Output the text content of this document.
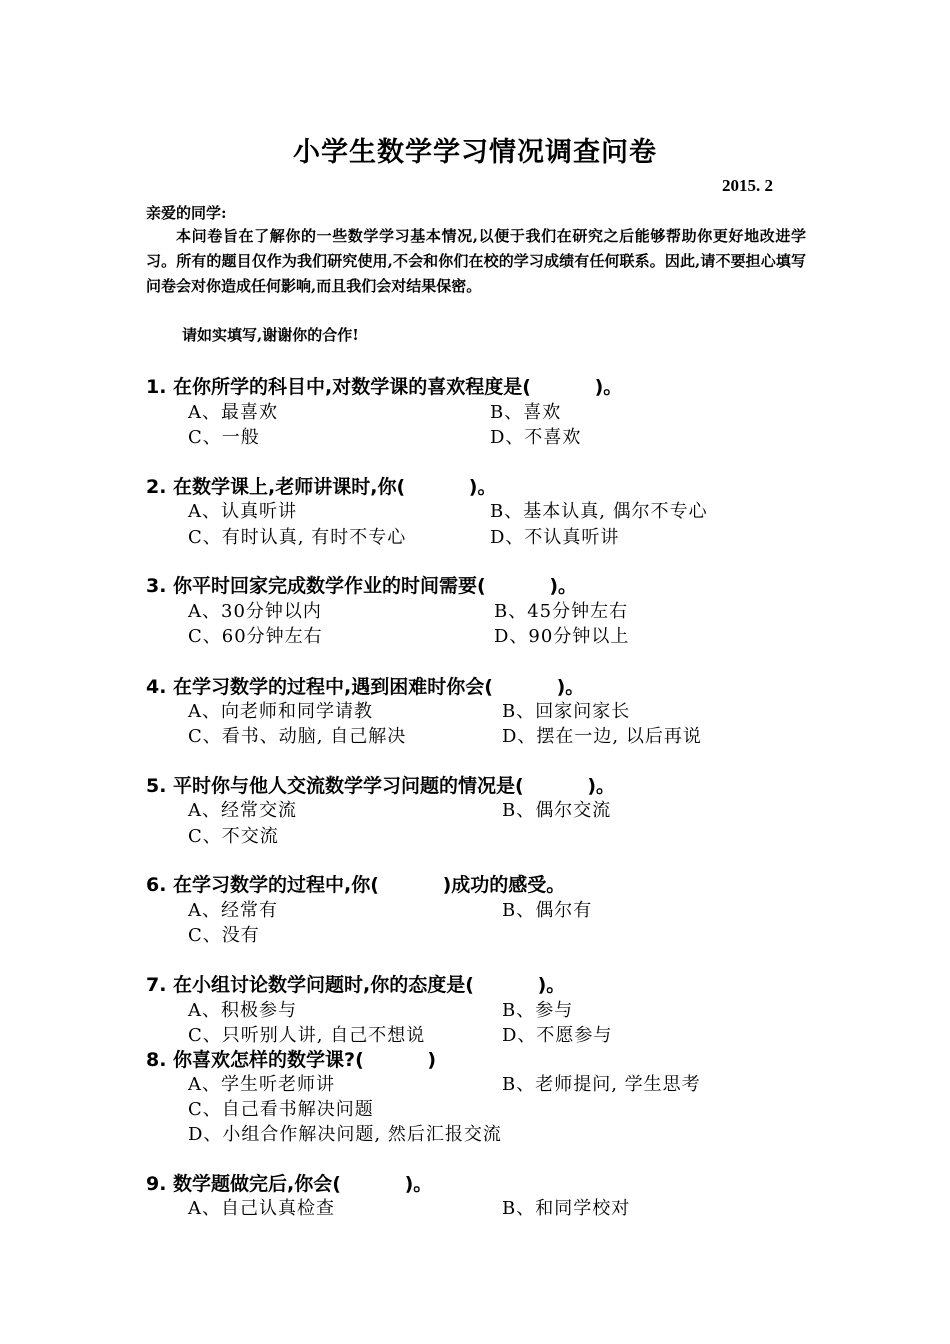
小学生数学学习情况调查问卷
2015. 2
亲爱的同学:

本问卷旨在了解你的一些数学学习基本情况,以便于我们在研究之后能够帮助你更好地改进学习。所有的题目仅作为我们研究使用,不会和你们在校的学习成绩有任何联系。因此,请不要担心填写问卷会对你造成任何影响,而且我们会对结果保密。

请如实填写,谢谢你的合作!
1. 在你所学的科目中,对数学课的喜欢程度是(　　　 )。
A、最喜欢	B、喜欢
C、一般	D、不喜欢
2. 在数学课上,老师讲课时,你(　　　 )。
A、认真听讲	B、基本认真, 偶尔不专心
C、有时认真, 有时不专心	D、不认真听讲
3. 你平时回家完成数学作业的时间需要(　　　 )。
A、30分钟以内	B、45分钟左右
C、60分钟左右	D、90分钟以上
4. 在学习数学的过程中,遇到困难时你会(　　　 )。
A、向老师和同学请教	B、回家问家长
C、看书、动脑, 自己解决	D、摆在一边, 以后再说
5. 平时你与他人交流数学学习问题的情况是(　　　 )。
A、经常交流	B、偶尔交流
C、不交流
6. 在学习数学的过程中,你(　　　 )成功的感受。
A、经常有	B、偶尔有
C、没有
7. 在小组讨论数学问题时,你的态度是(　　　 )。
A、积极参与	B、参与
C、只听别人讲, 自己不想说	D、不愿参与
8. 你喜欢怎样的数学课?(　　　 )
A、学生听老师讲	B、老师提问, 学生思考
C、自己看书解决问题
D、小组合作解决问题, 然后汇报交流
9. 数学题做完后,你会(　　　 )。
A、自己认真检查	B、和同学校对
